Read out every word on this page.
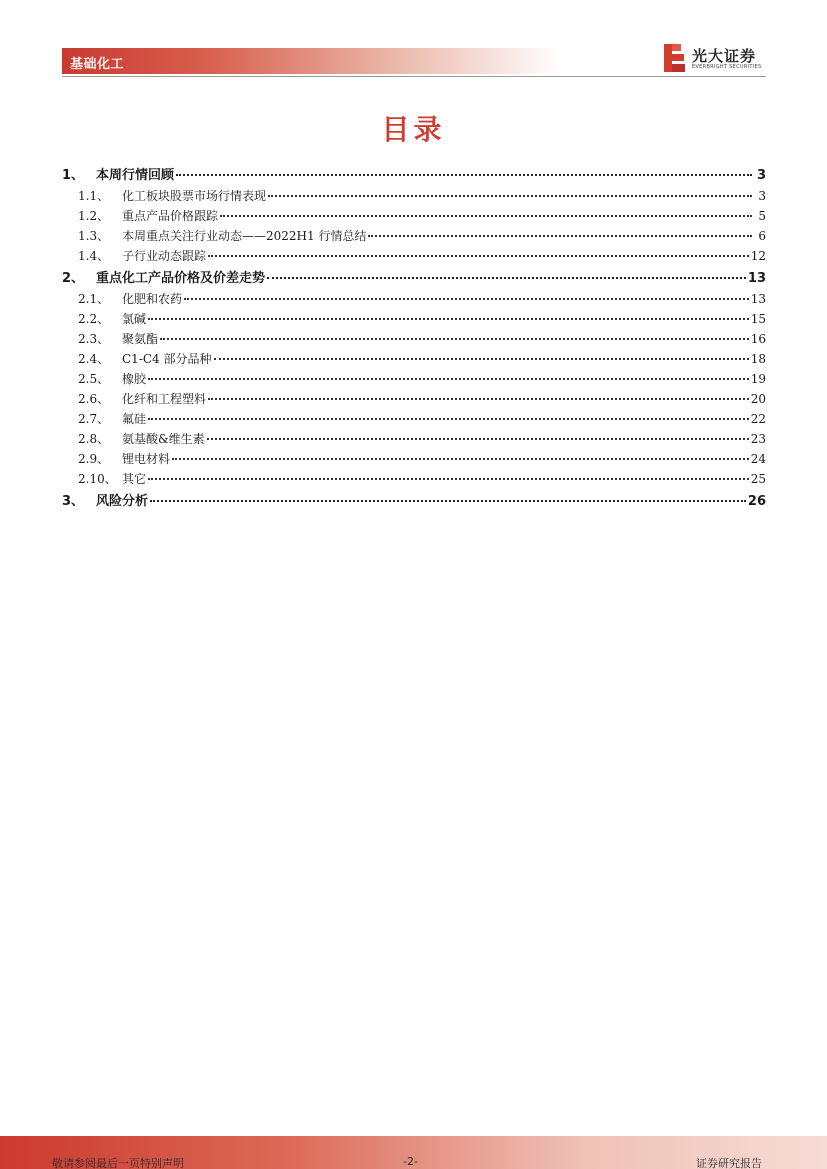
基础化工	光大证券
EVERBRIGHT SECURITIES
目录
1、 本周行情回顾	3
1.1、	化工板块股票市场行情表现	3
1.2、	重点产品价格跟踪	5
1.3、	本周重点关注行业动态——2022H1 行情总结	6
1.4、	子行业动态跟踪	12
2、 重点化工产品价格及价差走势	13
2.1、	化肥和农药	13
2.2、	氯碱	15
2.3、	聚氨酯	16
2.4、	C1-C4 部分品种	18
2.5、	橡胶	19
2.6、	化纤和工程塑料	20
2.7、	氟硅	22
2.8、	氨基酸&维生素	23
2.9、	锂电材料	24
2.10、 其它	25
3、 风险分析	26
敬请参阅最后一页特别声明	-2-	证券研究报告
